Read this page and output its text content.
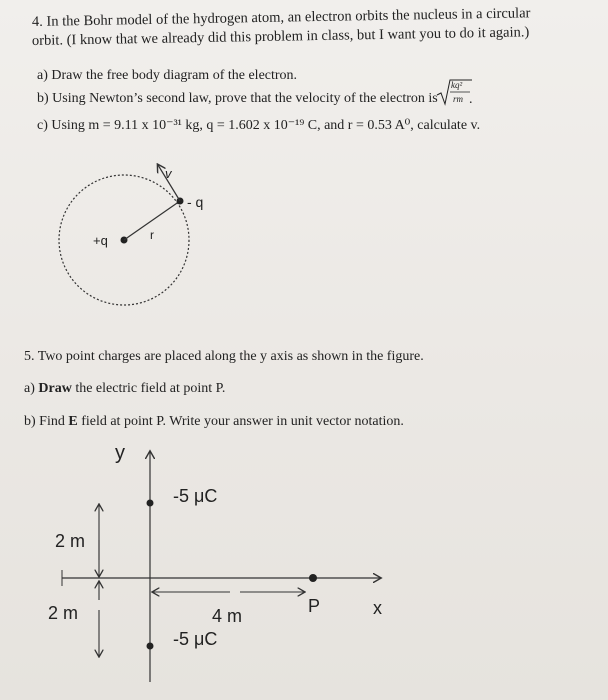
4. In the Bohr model of the hydrogen atom, an electron orbits the nucleus in a circular
orbit. (I know that we already did this problem in class, but I want you to do it again.)
a) Draw the free body diagram of the electron.
b) Using Newton’s second law, prove that the velocity of the electron is
kq²
rm .
c) Using m = 9.11 x 10⁻³¹ kg, q = 1.602 x 10⁻¹⁹ C, and r = 0.53 A⁰, calculate v.
v
- q
r
+q
5. Two point charges are placed along the y axis as shown in the figure.
a) Draw the electric field at point P.
b) Find E field at point P. Write your answer in unit vector notation.
y
-5 μC
2 m
2 m	4 m	P	x
-5 μC
